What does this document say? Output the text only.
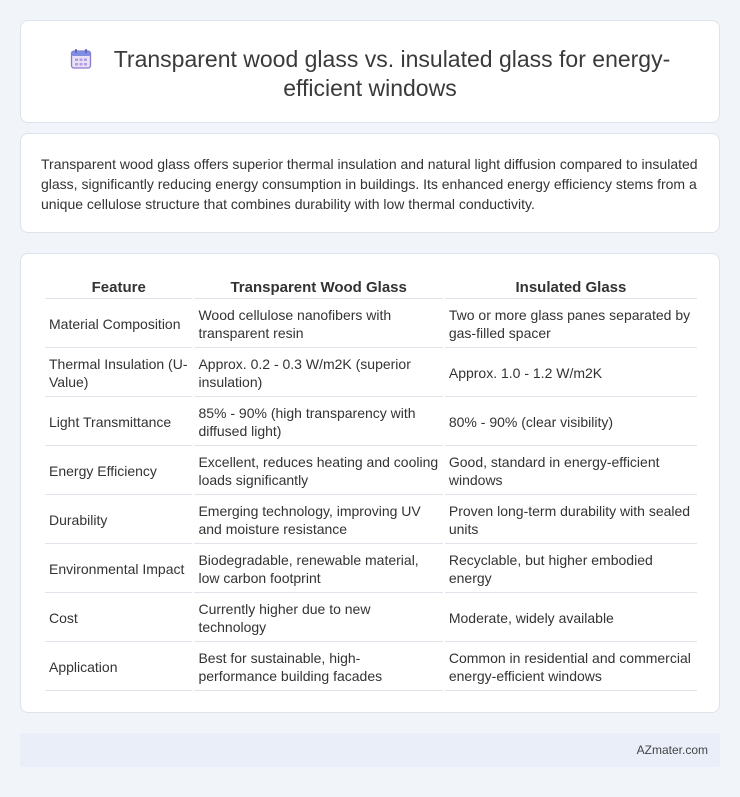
Transparent wood glass vs. insulated glass for energy-efficient windows

Transparent wood glass offers superior thermal insulation and natural light diffusion compared to insulated glass, significantly reducing energy consumption in buildings. Its enhanced energy efficiency stems from a unique cellulose structure that combines durability with low thermal conductivity.

Feature	Transparent Wood Glass	Insulated Glass
Material Composition	Wood cellulose nanofibers with transparent resin	Two or more glass panes separated by gas-filled spacer
Thermal Insulation (U-Value)	Approx. 0.2 - 0.3 W/m2K (superior insulation)	Approx. 1.0 - 1.2 W/m2K
Light Transmittance	85% - 90% (high transparency with diffused light)	80% - 90% (clear visibility)
Energy Efficiency	Excellent, reduces heating and cooling loads significantly	Good, standard in energy-efficient windows
Durability	Emerging technology, improving UV and moisture resistance	Proven long-term durability with sealed units
Environmental Impact	Biodegradable, renewable material, low carbon footprint	Recyclable, but higher embodied energy
Cost	Currently higher due to new technology	Moderate, widely available
Application	Best for sustainable, high-performance building facades	Common in residential and commercial energy-efficient windows
AZmater.com
